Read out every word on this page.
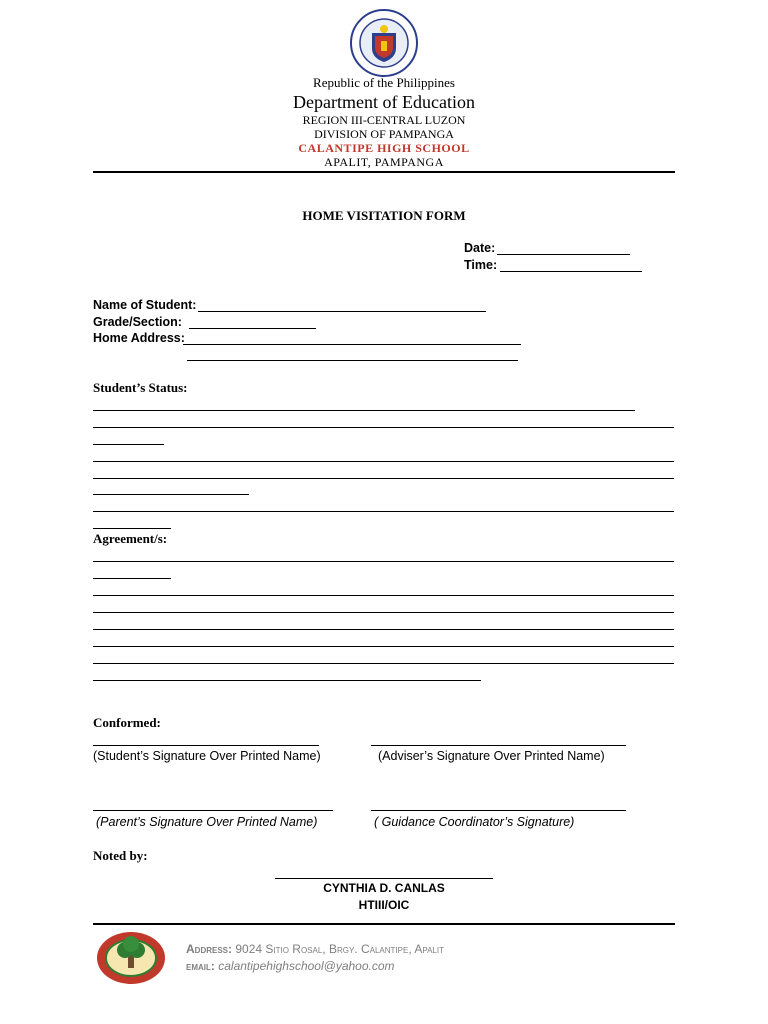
Republic of the Philippines
Department of Education
REGION III-CENTRAL LUZON
DIVISION OF PAMPANGA
CALANTIPE HIGH SCHOOL
APALIT, PAMPANGA
HOME VISITATION FORM
Date:
Time:
Name of Student:
Grade/Section:
Home Address:
Student’s Status:
Agreement/s:
Conformed:
(Student’s Signature Over Printed Name)	(Adviser’s Signature Over Printed Name)
(Parent’s Signature Over Printed Name)	( Guidance Coordinator’s Signature)
Noted by:
CYNTHIA D. CANLAS
HTIII/OIC
Address: 9024 Sitio Rosal, Brgy. Calantipe, Apalit
email: calantipehighschool@yahoo.com
